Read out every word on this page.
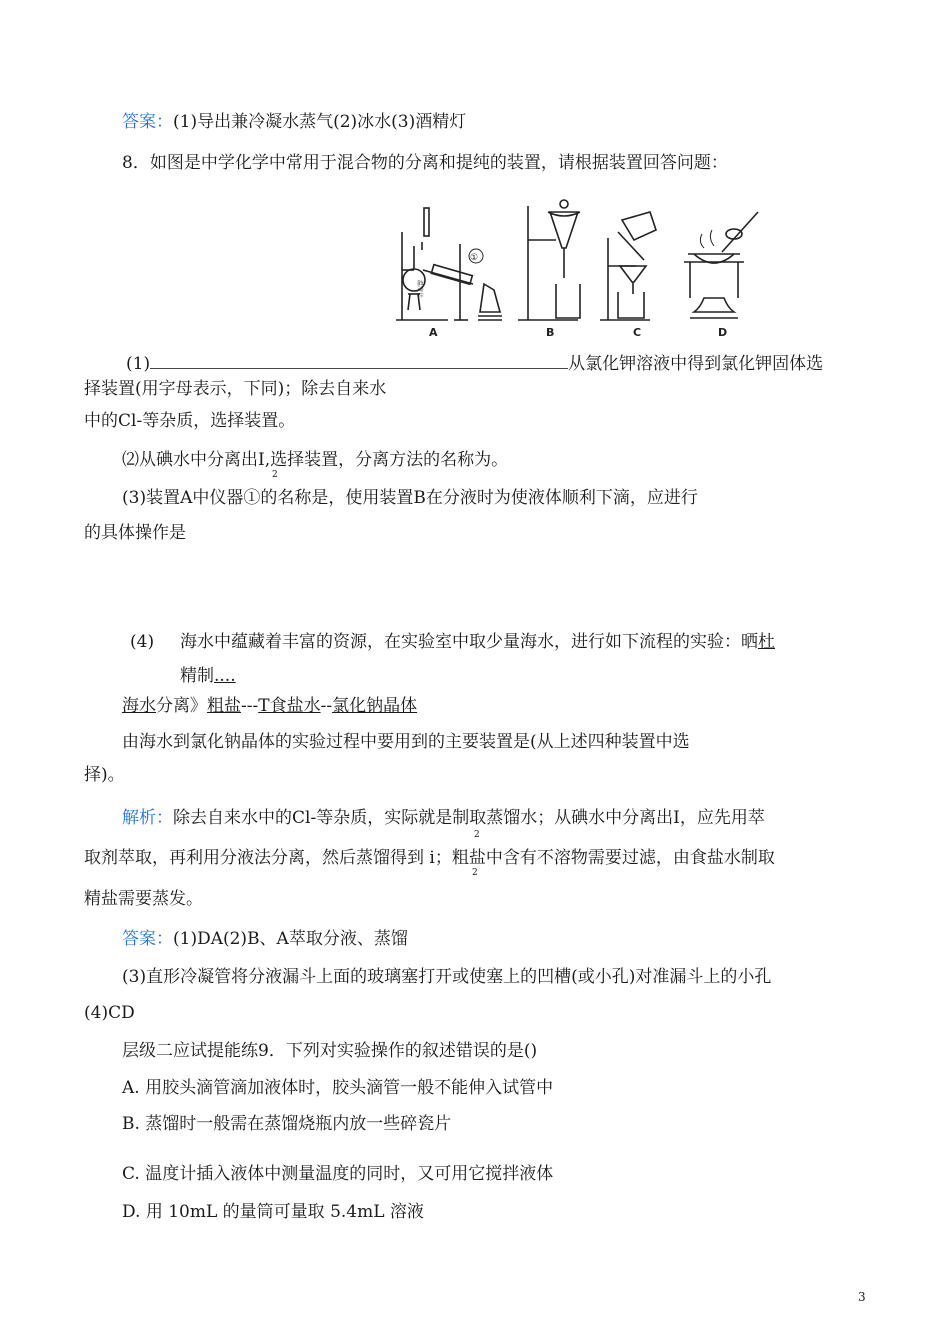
答案：(1)导出兼冷凝水蒸气(2)冰水(3)酒精灯
8．如图是中学化学中常用于混合物的分离和提纯的装置，请根据装置回答问题：
①
温度计
A	B	C	D
(1)	从氯化钾溶液中得到氯化钾固体选
择装置(用字母表示，下同)；除去自来水
中的Cl-等杂质，选择装置。
⑵从碘水中分离出I,选择装置，分离方法的名称为。
2
(3)装置A中仪器①的名称是，使用装置B在分液时为使液体顺利下滴，应进行
的具体操作是
(4) 海水中蕴藏着丰富的资源，在实验室中取少量海水，进行如下流程的实验：晒杜
精制....
海水分离》粗盐---T食盐水--氯化钠晶体
由海水到氯化钠晶体的实验过程中要用到的主要装置是(从上述四种装置中选
择)。
解析：除去自来水中的Cl-等杂质，实际就是制取蒸馏水；从碘水中分离出I，应先用萃
2
取剂萃取，再利用分液法分离，然后蒸馏得到 i；粗盐中含有不溶物需要过滤，由食盐水制取
2
精盐需要蒸发。
答案：(1)DA(2)B、A萃取分液、蒸馏
(3)直形冷凝管将分液漏斗上面的玻璃塞打开或使塞上的凹槽(或小孔)对准漏斗上的小孔
(4)CD
层级二应试提能练9．下列对实验操作的叙述错误的是()
A. 用胶头滴管滴加液体时，胶头滴管一般不能伸入试管中
B. 蒸馏时一般需在蒸馏烧瓶内放一些碎瓷片
C. 温度计插入液体中测量温度的同时，又可用它搅拌液体
D. 用 10mL 的量筒可量取 5.4mL 溶液
3
